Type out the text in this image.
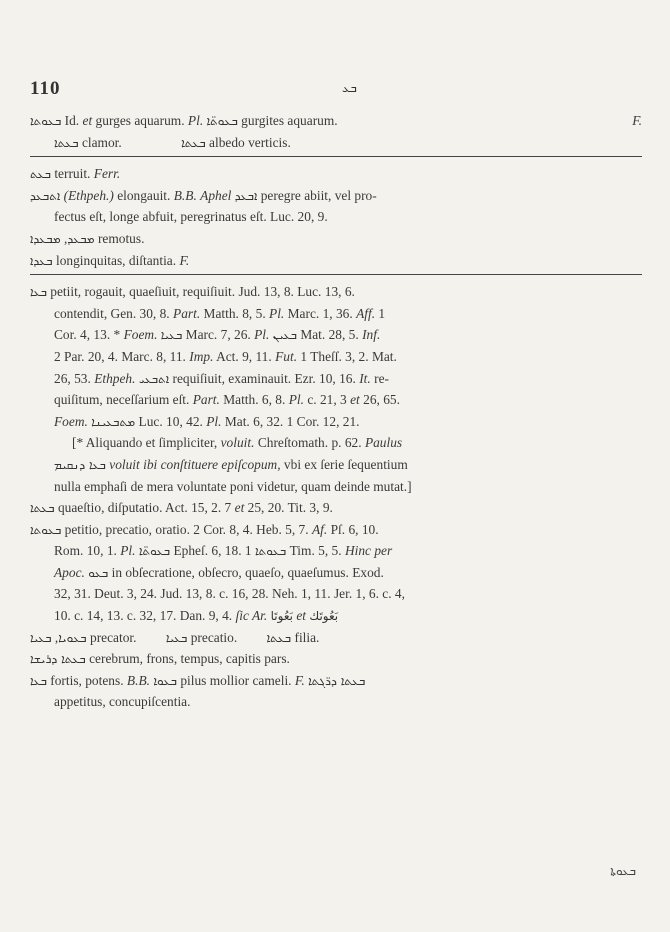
110	ܒܥ
ܒܥܘܬܐ Id. et gurges aquarum. Pl. ܒܥܘܬ̈ܐ gurgites aquarum.	F.
ܒܥܬܐ clamor.	ܒܥܬܐ albedo verticis.
ܒܥܬ terruit. Ferr.
ܐܬܒܥܕ (Ethpeh.) elongauit. B.B. Aphel ܐܒܥܕ peregre abiit, vel pro-
fectus eſt, longe abfuit, peregrinatus eſt. Luc. 20, 9.
ܡܒܥܕ, ܡܒܥܕܐ	remotus.
ܒܥܕܐ longinquitas, diſtantia. F.
ܒܥܐ petiit, rogauit, quaeſiuit, requiſiuit. Jud. 13, 8. Luc. 13, 6.
contendit, Gen. 30, 8. Part. Matth. 8, 5. Pl. Marc. 1, 36. Aff. 1
Cor. 4, 13. * Foem. ܒܥܝܐ Marc. 7, 26. Pl. ܒܥܝܢ Mat. 28, 5. Inf.
2 Par. 20, 4. Marc. 8, 11. Imp. Act. 9, 11. Fut. 1 Theſſ. 3, 2. Mat.
26, 53. Ethpeh. ܐܬܒܥܝ requiſiuit, examinauit. Ezr. 10, 16. It. re-
quiſitum, neceſſarium eſt. Part. Matth. 6, 8. Pl. c. 21, 3 et 26, 65.
Foem. ܡܬܒܥܝܢܐ Luc. 10, 42. Pl. Mat. 6, 32. 1 Cor. 12, 21.
[* Aliquando et ſimpliciter, voluit. Chreſtomath. p. 62. Paulus
ܒܥܐ ܕܢܩܝܡ voluit ibi conſtituere epiſcopum, vbi ex ſerie ſequentium
nulla emphaſi de mera voluntate poni videtur, quam deinde mutat.]
ܒܥܬܐ quaeſtio, diſputatio. Act. 15, 2. 7 et 25, 20. Tit. 3, 9.
ܒܥܘܬܐ petitio, precatio, oratio. 2 Cor. 8, 4. Heb. 5, 7. Af. Pſ. 6, 10.
Rom. 10, 1. Pl. ܒܥܘܬ̈ܐ Epheſ. 6, 18. ܒܥܘܬܐ 1 Tim. 5, 5. Hinc per
Apoc. ܒܥܘ in obſecratione, obſecro, quaeſo, quaeſumus. Exod.
32, 31. Deut. 3, 24. Jud. 13, 8. c. 16, 28. Neh. 1, 11. Jer. 1, 6. c. 4,
10. c. 14, 13. c. 32, 17. Dan. 9, 4. ſic Ar. بَعُوتَا et بَعُوتَك
ܒܥܘܝܐ, ܒܥܝܐ	precator. ܒܥܝܐ precatio. ܒܥܬܐ filia.
ܒܥܬܐ ܕܪܝܫܐ cerebrum, frons, tempus, capitis pars.
ܒܥܐ fortis, potens. B.B. ܒܥܘܐ pilus mollior cameli. F. ܒܥܬܐ ܕܪ̈ܓܬܐ
appetitus, concupiſcentia.
ܒܥܘܬܐ
